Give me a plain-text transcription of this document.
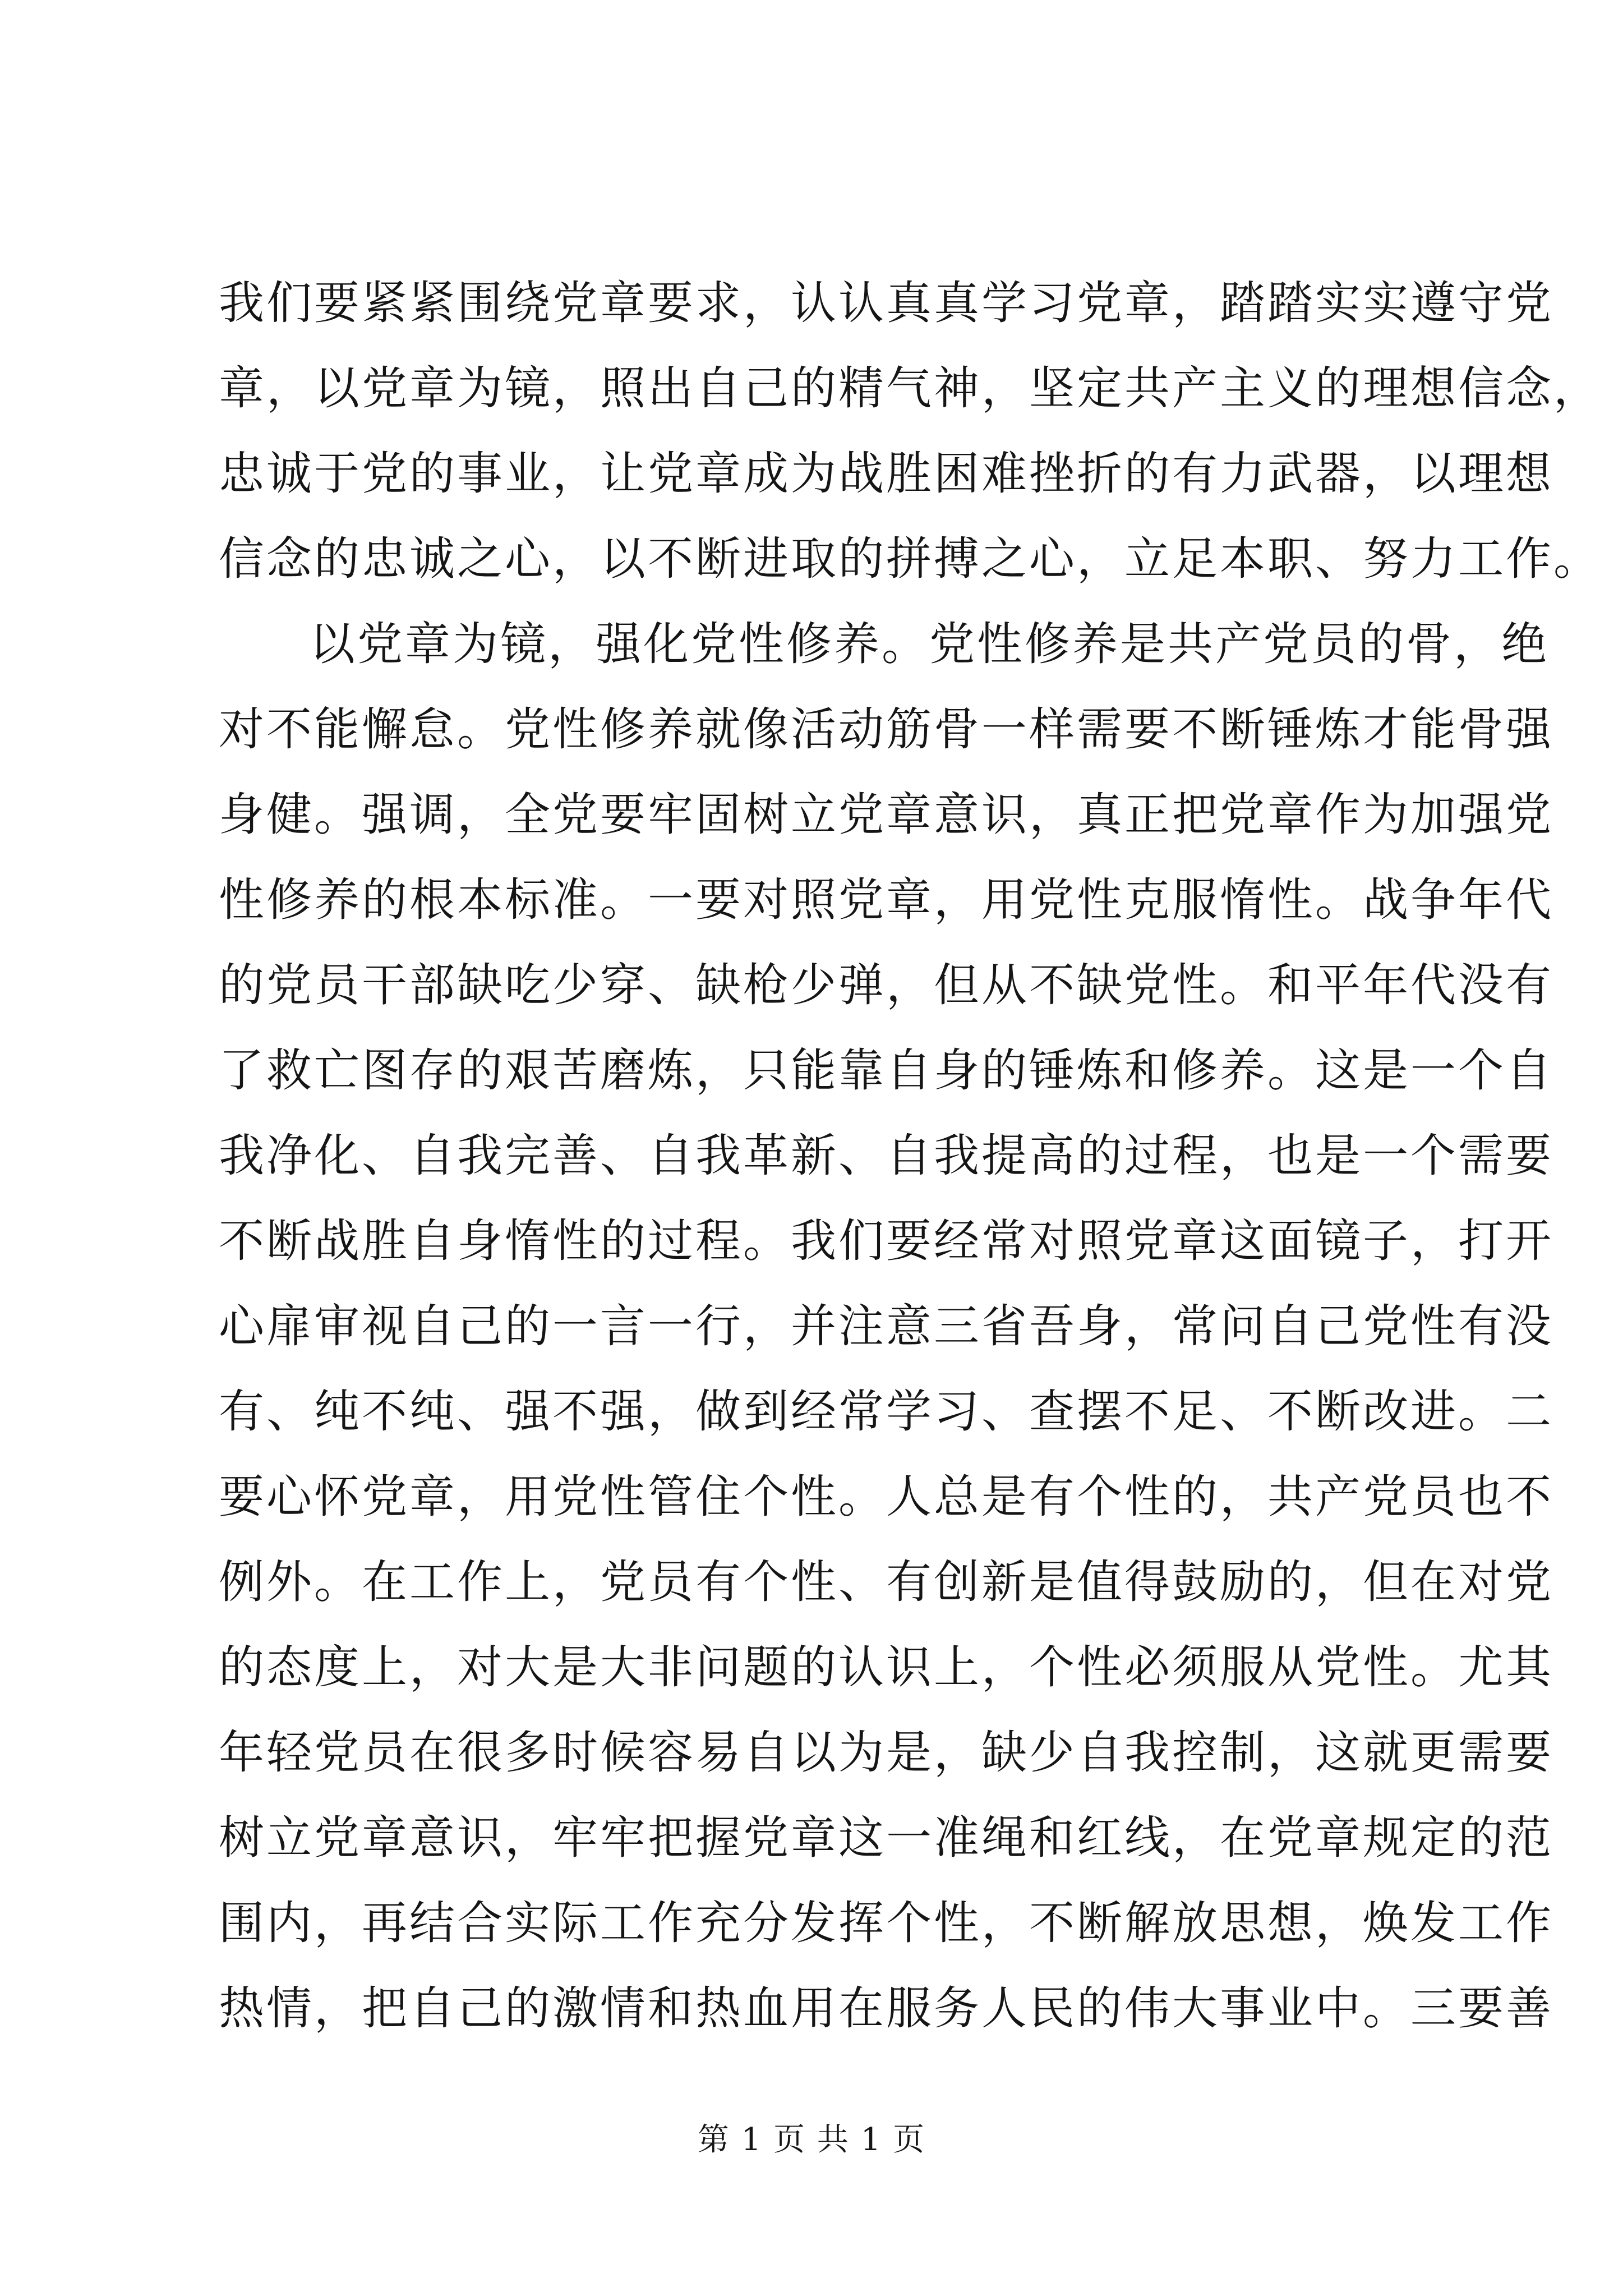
我们要紧紧围绕党章要求，认认真真学习党章，踏踏实实遵守党
章，以党章为镜，照出自己的精气神，坚定共产主义的理想信念，
忠诚于党的事业，让党章成为战胜困难挫折的有力武器，以理想
信念的忠诚之心，以不断进取的拼搏之心，立足本职、努力工作。
以党章为镜，强化党性修养。党性修养是共产党员的骨，绝
对不能懈怠。党性修养就像活动筋骨一样需要不断锤炼才能骨强
身健。强调，全党要牢固树立党章意识，真正把党章作为加强党
性修养的根本标准。一要对照党章，用党性克服惰性。战争年代
的党员干部缺吃少穿、缺枪少弹，但从不缺党性。和平年代没有
了救亡图存的艰苦磨炼，只能靠自身的锤炼和修养。这是一个自
我净化、自我完善、自我革新、自我提高的过程，也是一个需要
不断战胜自身惰性的过程。我们要经常对照党章这面镜子，打开
心扉审视自己的一言一行，并注意三省吾身，常问自己党性有没
有、纯不纯、强不强，做到经常学习、查摆不足、不断改进。二
要心怀党章，用党性管住个性。人总是有个性的，共产党员也不
例外。在工作上，党员有个性、有创新是值得鼓励的，但在对党
的态度上，对大是大非问题的认识上，个性必须服从党性。尤其
年轻党员在很多时候容易自以为是，缺少自我控制，这就更需要
树立党章意识，牢牢把握党章这一准绳和红线，在党章规定的范
围内，再结合实际工作充分发挥个性，不断解放思想，焕发工作
热情，把自己的激情和热血用在服务人民的伟大事业中。三要善
第 1 页 共 1 页
